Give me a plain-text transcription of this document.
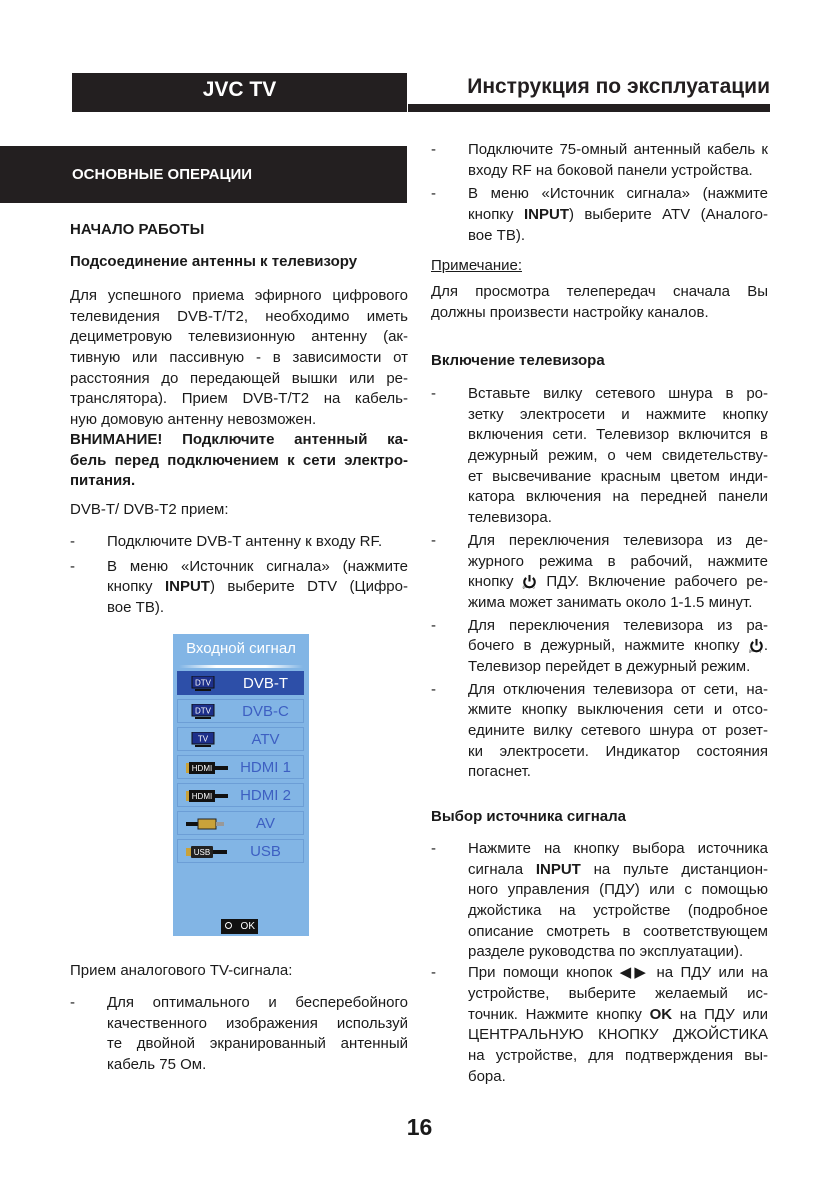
JVC TV	Инструкция по эксплуатации
ОСНОВНЫЕ ОПЕРАЦИИ
НАЧАЛО РАБОТЫ
Подсоединение антенны к телевизору
Для успешного приема эфирного цифрового
телевидения DVB-T/T2, необходимо иметь
дециметровую телевизионную антенну (ак-
тивную или пассивную - в зависимости от
расстояния до передающей вышки или ре-
транслятора). Прием DVB-T/T2 на кабель-
ную домовую антенну невозможен.
ВНИМАНИЕ! Подключите антенный ка-
бель перед подключением к сети электро-
питания.
DVB-T/ DVB-T2 прием:
- Подключите DVB-T антенну к входу RF.
- В меню «Источник сигнала» (нажмите
кнопку INPUT) выберите DTV (Цифро-
вое ТВ).
Входной сигнал
DTV	DVB-T
DTV	DVB-C
TV	ATV
HDMI	HDMI 1
HDMI	HDMI 2
AV
USB	USB
OK
Прием аналогового TV-сигнала:
- Для оптимального и бесперебойного
качественного изображения используй
те двойной экранированный антенный
кабель 75 Ом.
- Подключите 75-омный антенный кабель к
входу RF на боковой панели устройства.
- В меню «Источник сигнала» (нажмите
кнопку INPUT) выберите ATV (Аналого-
вое ТВ).
Примечание:
Для просмотра телепередач сначала Вы
должны произвести настройку каналов.
Включение телевизора
- Вставьте вилку сетевого шнура в ро-
зетку электросети и нажмите кнопку
включения сети. Телевизор включится в
дежурный режим, о чем свидетельству-
ет высвечивание красным цветом инди-
катора включения на передней панели
телевизора.
- Для переключения телевизора из де-
журного режима в рабочий, нажмите
кнопку
{power} ПДУ. Включение рабочего ре-
жима может занимать около 1-1.5 минут.
- Для переключения телевизора из ра-
бочего в дежурный, нажмите кнопку
{power} .
Телевизор перейдет в дежурный режим.
- Для отключения телевизора от сети, на-
жмите кнопку выключения сети и отсо-
едините вилку сетевого шнура от розет-
ки электросети. Индикатор состояния
погаснет.
Выбор источника сигнала
- Нажмите на кнопку выбора источника
сигнала INPUT на пульте дистанцион-
ного управления (ПДУ) или с помощью
джойстика на устройстве (подробное
описание смотреть в соответствующем
разделе руководства по эксплуатации).
- При помощи кнопок ◀▶ на ПДУ или на
устройстве, выберите желаемый ис-
точник. Нажмите кнопку OK на ПДУ или
ЦЕНТРАЛЬНУЮ КНОПКУ ДЖОЙСТИКА
на устройстве, для подтверждения вы-
бора.
16
